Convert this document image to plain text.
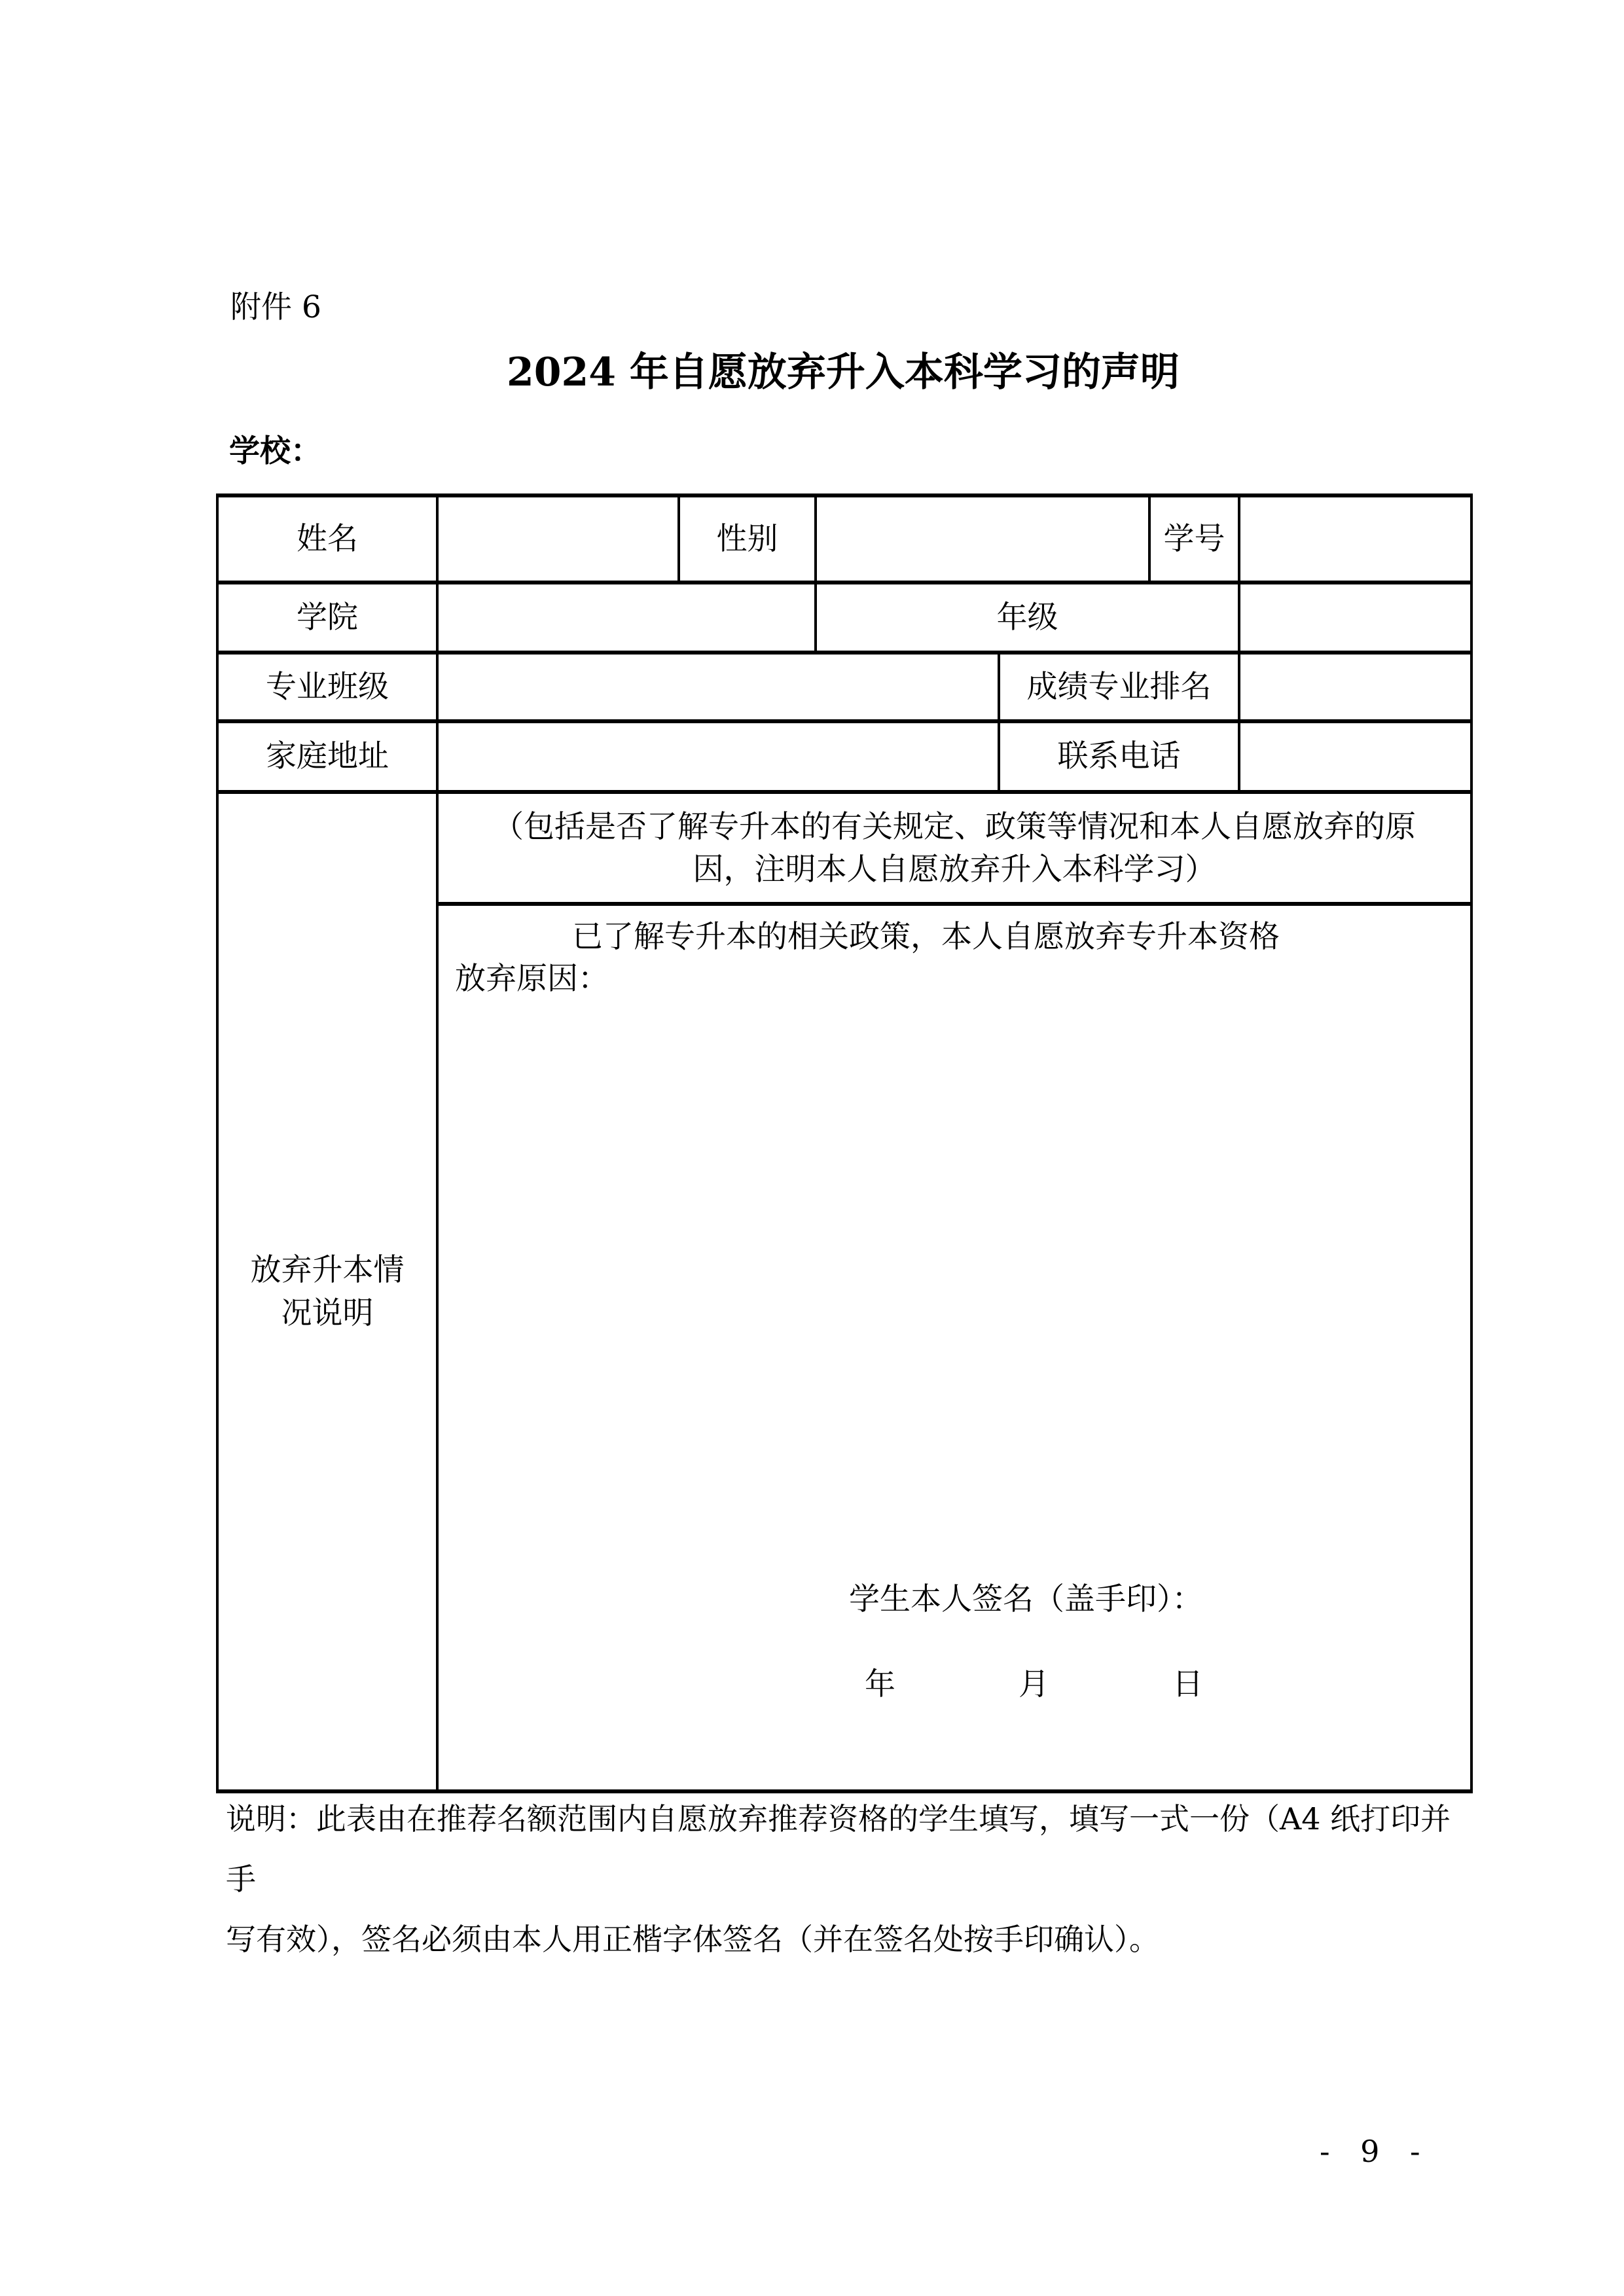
附件 6
2024 年自愿放弃升入本科学习的声明
学校：
姓名		性别			学号	
学院			年级			
专业班级				成绩专业排名		
家庭地址				联系电话		
放弃升本情况说明	（包括是否了解专升本的有关规定、政策等情况和本人自愿放弃的原
因，注明本人自愿放弃升入本科学习）					

	已了解专升本的相关政策，本人自愿放弃专升本资格
放弃原因：
学生本人签名（盖手印）：
年　　　　月　　　　日					
说明：此表由在推荐名额范围内自愿放弃推荐资格的学生填写，填写一式一份（A4 纸打印并手
写有效），签名必须由本人用正楷字体签名（并在签名处按手印确认）。
- 9 -
